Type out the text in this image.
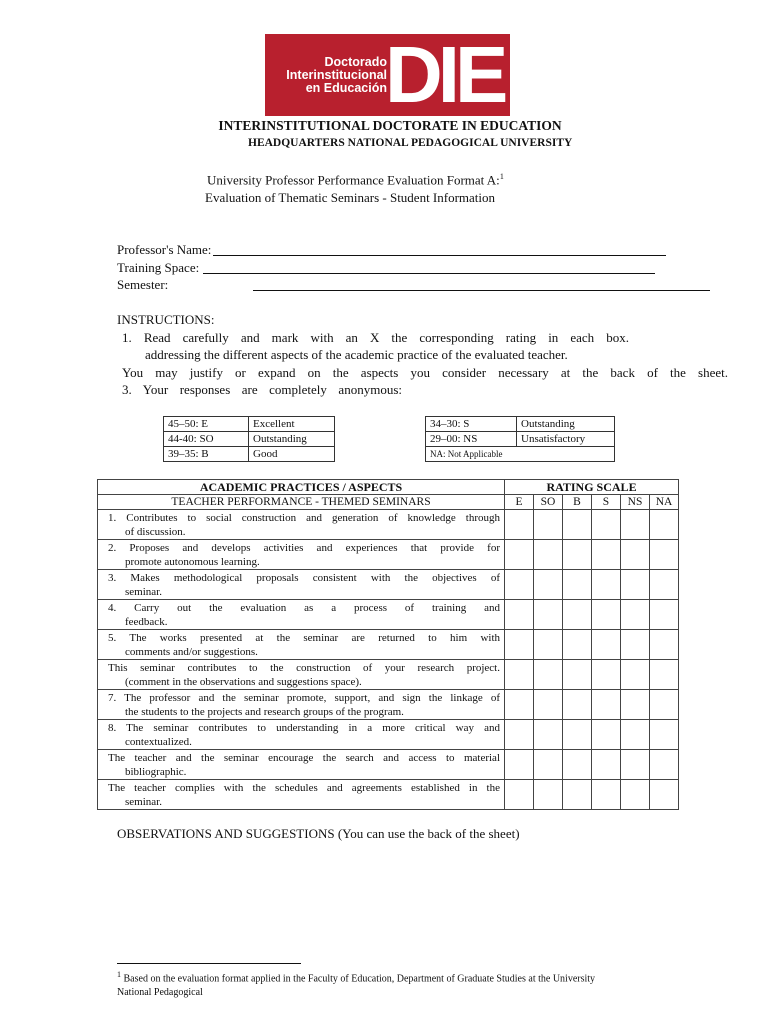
Doctorado
Interinstitucional
en Educación
DIE
INTERINSTITUTIONAL DOCTORATE IN EDUCATION
HEADQUARTERS NATIONAL PEDAGOGICAL UNIVERSITY
University Professor Performance Evaluation Format A:$^1$
Evaluation of Thematic Seminars - Student Information
Professor's Name:
Training Space:
Semester:
INSTRUCTIONS:
1. Read carefully and mark with an X the corresponding rating in each box.
addressing the different aspects of the academic practice of the evaluated teacher.
You may justify or expand on the aspects you consider necessary at the back of the sheet.
3. Your responses are completely anonymous:
45–50: E	Excellent
44-40: SO	Outstanding
39–35: B	Good
34–30: S	Outstanding
29–00: NS	Unsatisfactory
NA: Not Applicable	
ACADEMIC PRACTICES / ASPECTS	RATING SCALE					
TEACHER PERFORMANCE - THEMED SEMINARS	E	SO	B	S	NS	NA

1. Contributes to social construction and generation of knowledge through
of discussion.						

2. Proposes and develops activities and experiences that provide for
promote autonomous learning.						

3. Makes methodological proposals consistent with the objectives of
seminar.						

4. Carry out the evaluation as a process of training and
feedback.						

5. The works presented at the seminar are returned to him with
comments and/or suggestions.						

This seminar contributes to the construction of your research project.
(comment in the observations and suggestions space).						

7. The professor and the seminar promote, support, and sign the linkage of
the students to the projects and research groups of the program.						

8. The seminar contributes to understanding in a more critical way and
contextualized.						

The teacher and the seminar encourage the search and access to material
bibliographic.						

The teacher complies with the schedules and agreements established in the
seminar.						

OBSERVATIONS AND SUGGESTIONS (You can use the back of the sheet)
$^1$ Based on the evaluation format applied in the Faculty of Education, Department of Graduate Studies at the University
National Pedagogical
